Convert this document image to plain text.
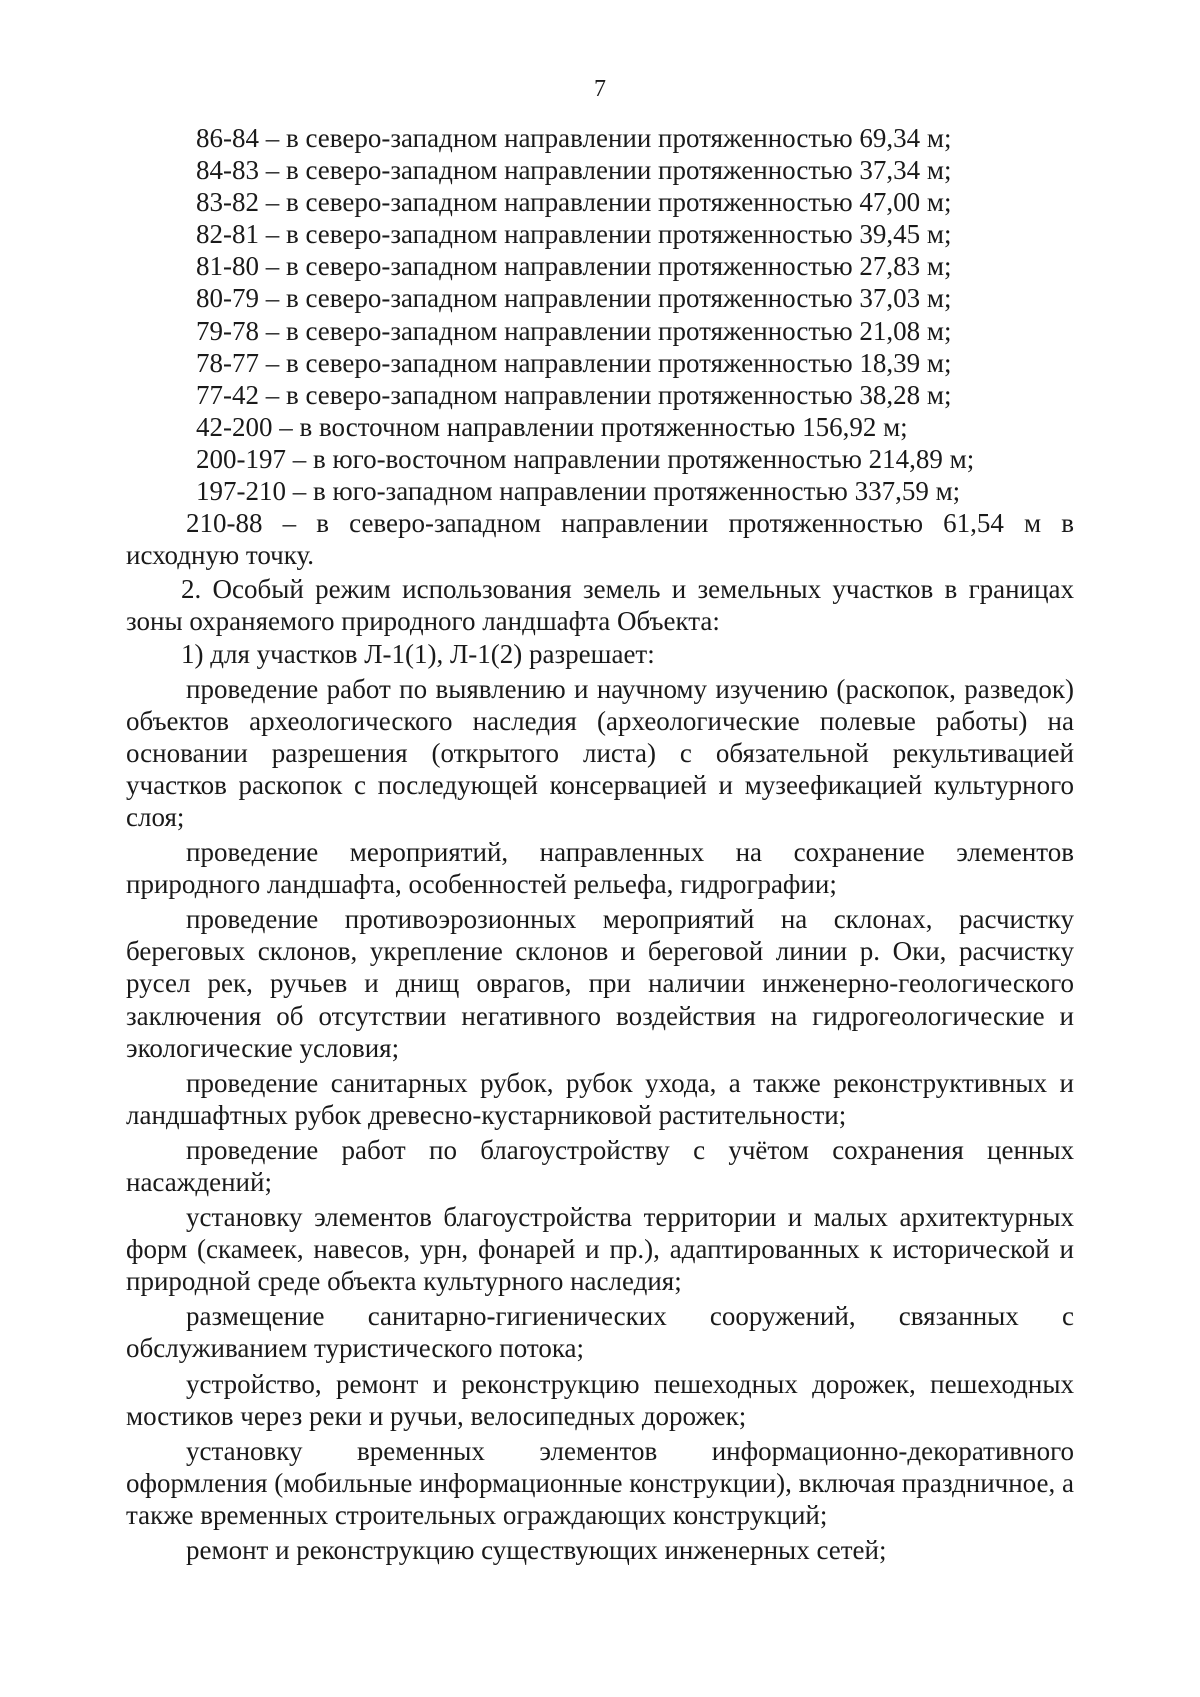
7
86-84 – в северо-западном направлении протяженностью 69,34 м;
84-83 – в северо-западном направлении протяженностью 37,34 м;
83-82 – в северо-западном направлении протяженностью 47,00 м;
82-81 – в северо-западном направлении протяженностью 39,45 м;
81-80 – в северо-западном направлении протяженностью 27,83 м;
80-79 – в северо-западном направлении протяженностью 37,03 м;
79-78 – в северо-западном направлении протяженностью 21,08 м;
78-77 – в северо-западном направлении протяженностью 18,39 м;
77-42 – в северо-западном направлении протяженностью 38,28 м;
42-200 – в восточном направлении протяженностью 156,92 м;
200-197 – в юго-восточном направлении протяженностью 214,89 м;
197-210 – в юго-западном направлении протяженностью 337,59 м;
210-88 – в северо-западном направлении протяженностью 61,54 м в исходную точку.
2. Особый режим использования земель и земельных участков в границах зоны охраняемого природного ландшафта Объекта:
1) для участков Л-1(1), Л-1(2) разрешает:
проведение работ по выявлению и научному изучению (раскопок, разведок) объектов археологического наследия (археологические полевые работы) на основании разрешения (открытого листа) с обязательной рекультивацией участков раскопок с последующей консервацией и музеефикацией культурного слоя;
проведение мероприятий, направленных на сохранение элементов природного ландшафта, особенностей рельефа, гидрографии;
проведение противоэрозионных мероприятий на склонах, расчистку береговых склонов, укрепление склонов и береговой линии р. Оки, расчистку русел рек, ручьев и днищ оврагов, при наличии инженерно-геологического заключения об отсутствии негативного воздействия на гидрогеологические и экологические условия;
проведение санитарных рубок, рубок ухода, а также реконструктивных и ландшафтных рубок древесно-кустарниковой растительности;
проведение работ по благоустройству с учётом сохранения ценных насаждений;
установку элементов благоустройства территории и малых архитектурных форм (скамеек, навесов, урн, фонарей и пр.), адаптированных к исторической и природной среде объекта культурного наследия;
размещение санитарно-гигиенических сооружений, связанных с обслуживанием туристического потока;
устройство, ремонт и реконструкцию пешеходных дорожек, пешеходных мостиков через реки и ручьи, велосипедных дорожек;
установку временных элементов информационно-декоративного оформления (мобильные информационные конструкции), включая праздничное, а также временных строительных ограждающих конструкций;
ремонт и реконструкцию существующих инженерных сетей;
